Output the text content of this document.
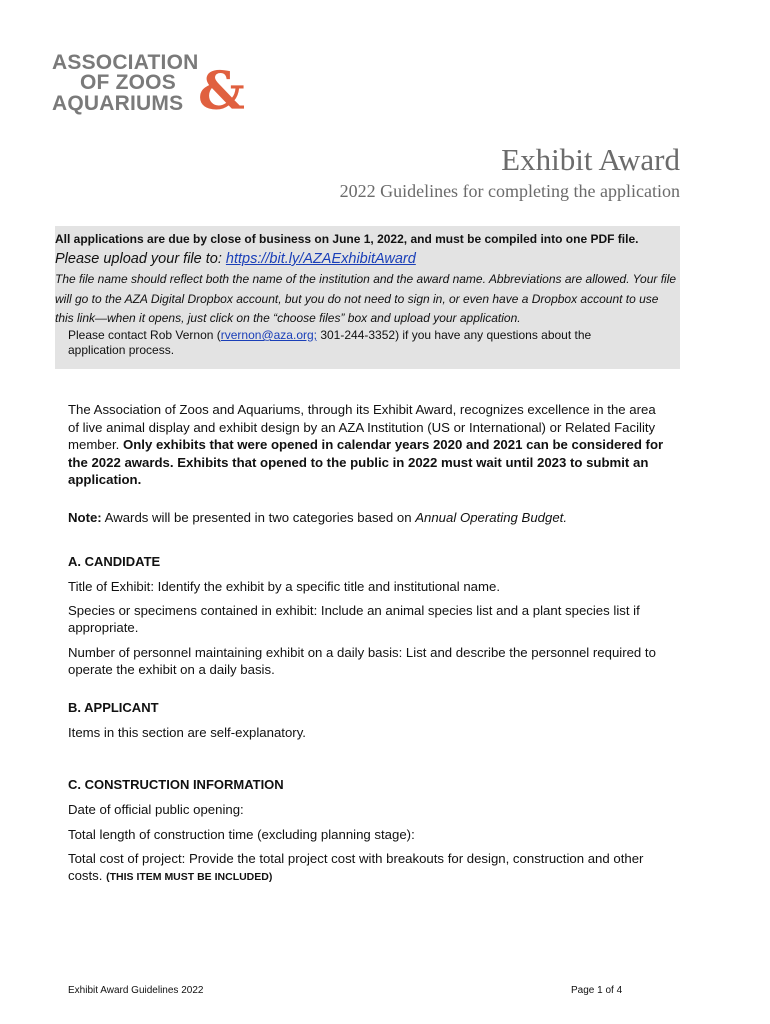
ASSOCIATION
OF ZOOS
AQUARIUMS &
Exhibit Award
2022 Guidelines for completing the application
All applications are due by close of business on June 1, 2022, and must be compiled into one PDF file.
Please upload your file to: https://bit.ly/AZAExhibitAward
The file name should reflect both the name of the institution and the award name. Abbreviations are allowed. Your file will go to the AZA Digital Dropbox account, but you do not need to sign in, or even have a Dropbox account to use this link—when it opens, just click on the “choose files” box and upload your application.
Please contact Rob Vernon (rvernon@aza.org; 301-244-3352) if you have any questions about the application process.
The Association of Zoos and Aquariums, through its Exhibit Award, recognizes excellence in the area of live animal display and exhibit design by an AZA Institution (US or International) or Related Facility member. Only exhibits that were opened in calendar years 2020 and 2021 can be considered for the 2022 awards. Exhibits that opened to the public in 2022 must wait until 2023 to submit an application.
Note: Awards will be presented in two categories based on Annual Operating Budget.
A. CANDIDATE
Title of Exhibit: Identify the exhibit by a specific title and institutional name.
Species or specimens contained in exhibit: Include an animal species list and a plant species list if appropriate.
Number of personnel maintaining exhibit on a daily basis: List and describe the personnel required to operate the exhibit on a daily basis.
B. APPLICANT
Items in this section are self-explanatory.
C. CONSTRUCTION INFORMATION
Date of official public opening:
Total length of construction time (excluding planning stage):
Total cost of project: Provide the total project cost with breakouts for design, construction and other costs. (THIS ITEM MUST BE INCLUDED)
Exhibit Award Guidelines 2022	Page 1 of 4
